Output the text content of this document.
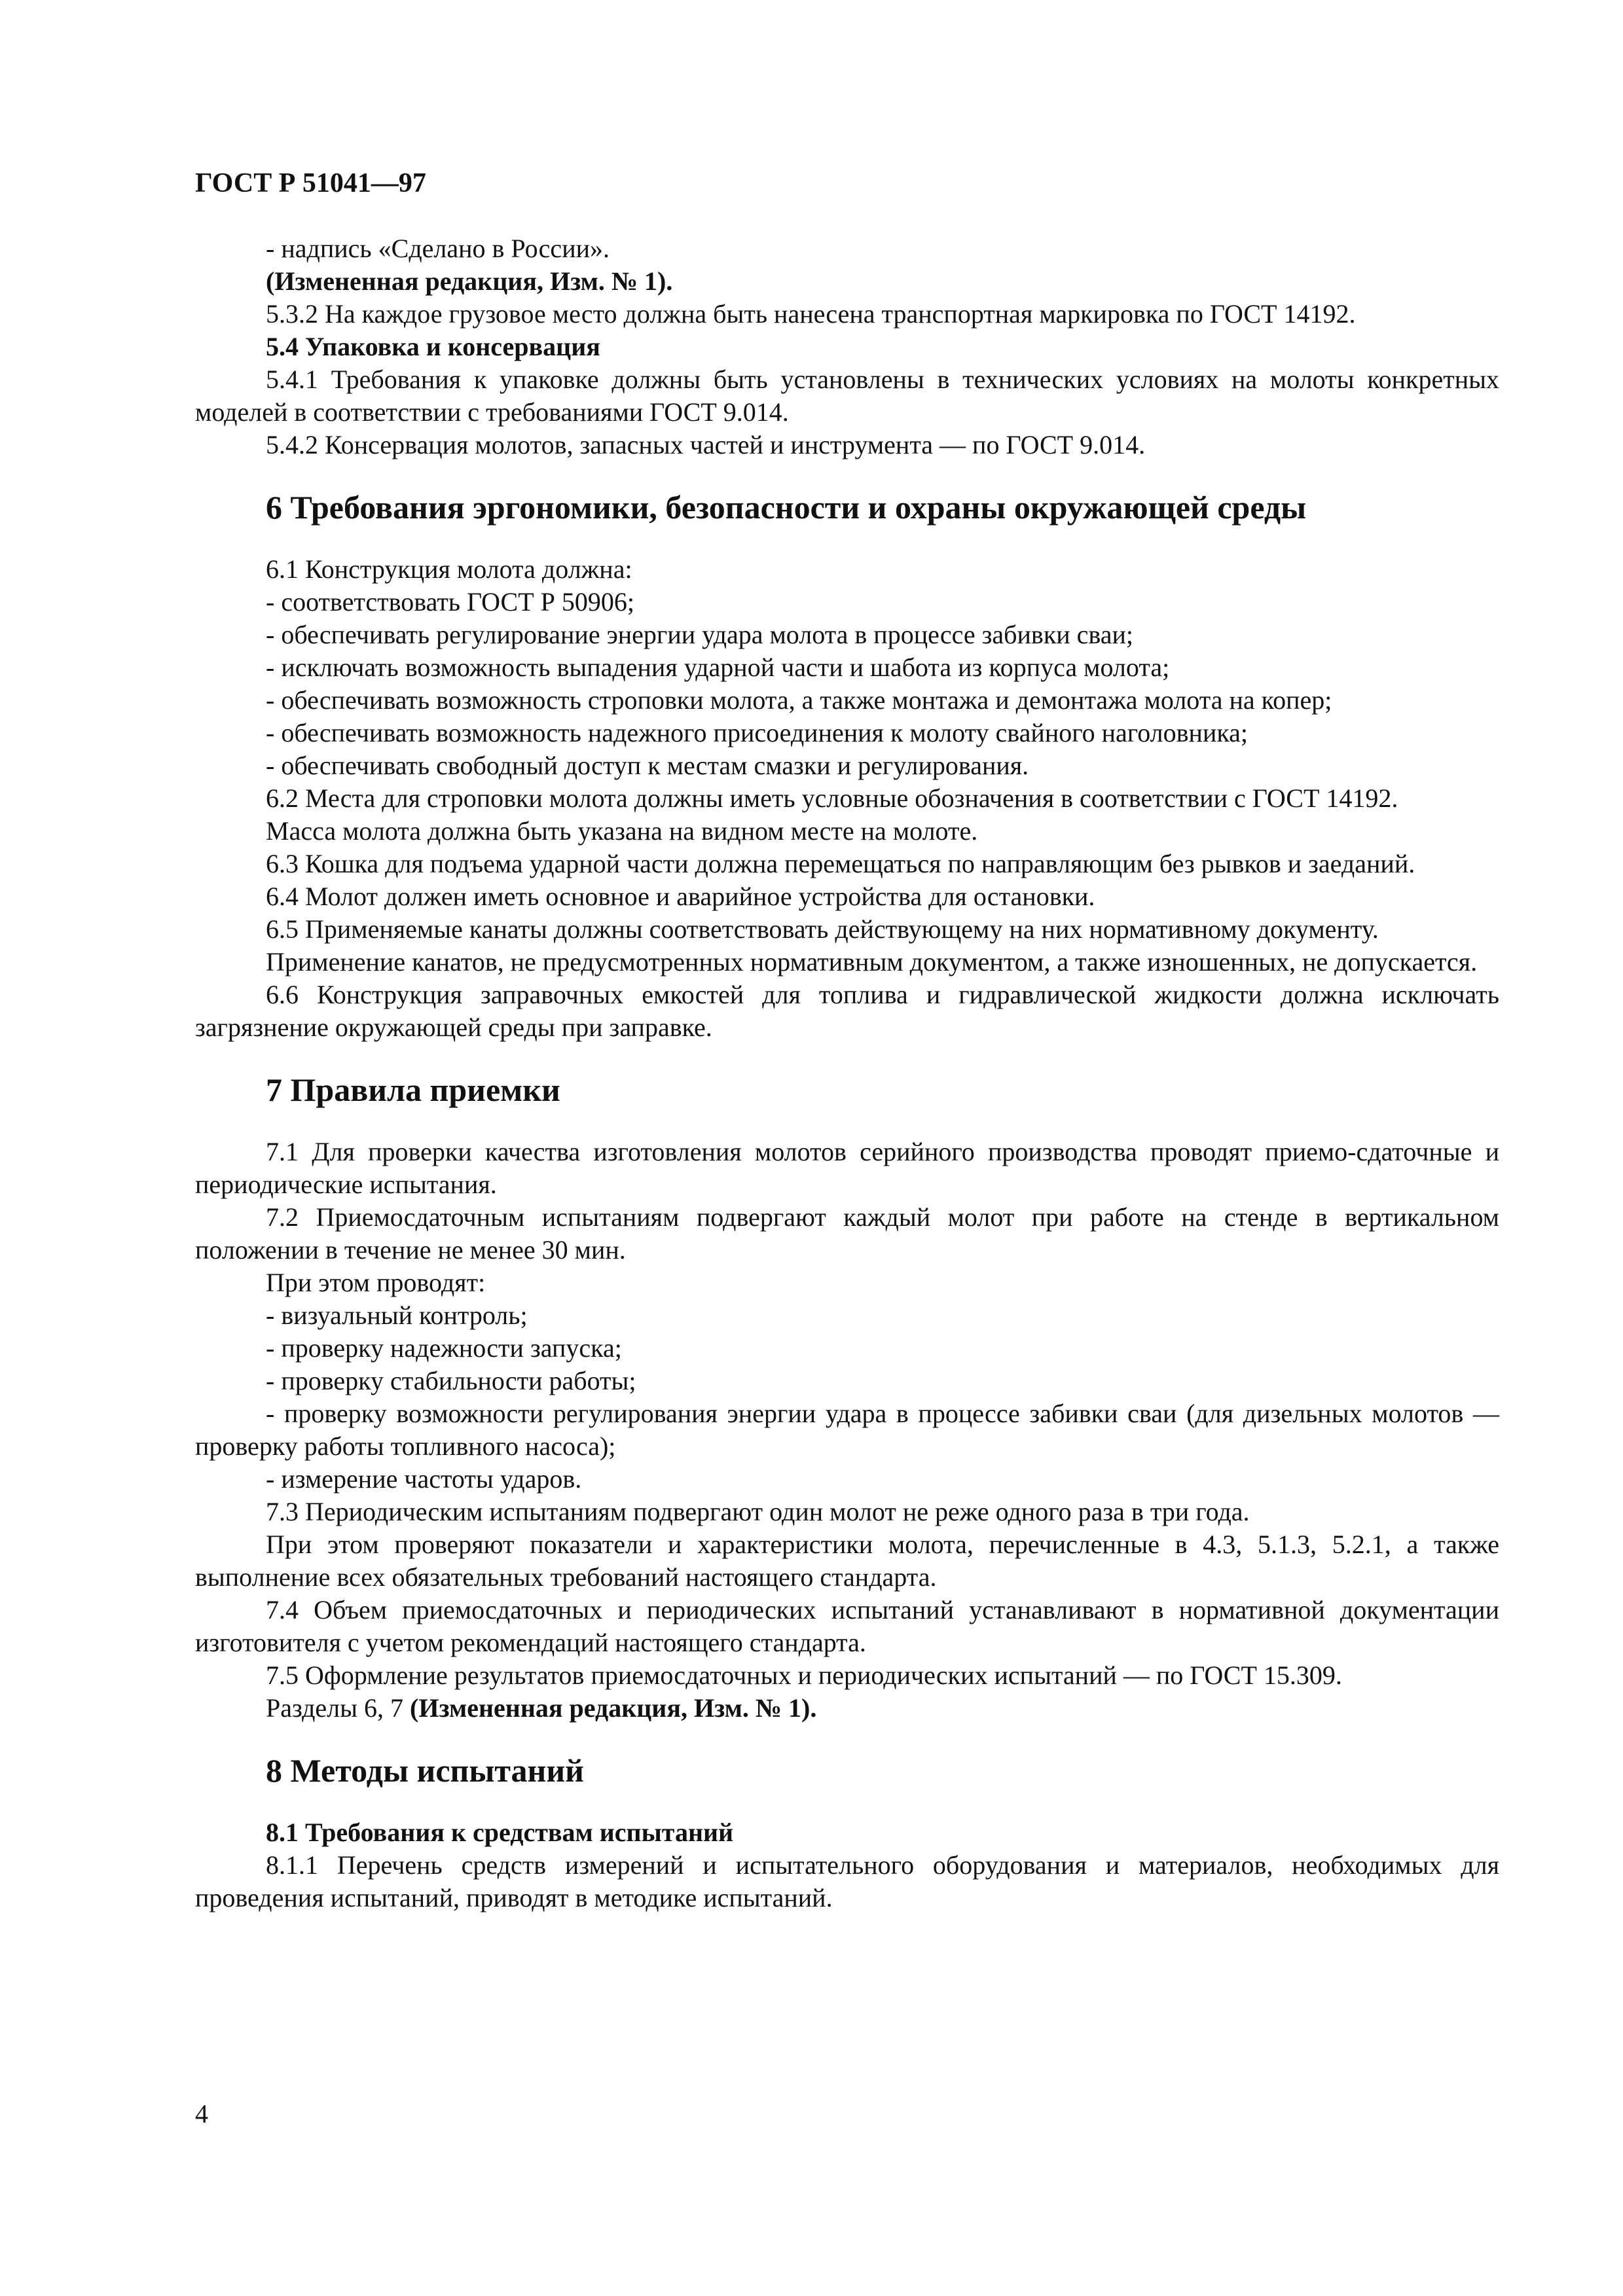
ГОСТ Р 51041—97

- надпись «Сделано в России».

(Измененная редакция, Изм. № 1).

5.3.2 На каждое грузовое место должна быть нанесена транспортная маркировка по ГОСТ 14192.

5.4 Упаковка и консервация

5.4.1 Требования к упаковке должны быть установлены в технических условиях на молоты конкретных моделей в соответствии с требованиями ГОСТ 9.014.

5.4.2 Консервация молотов, запасных частей и инструмента — по ГОСТ 9.014.

6 Требования эргономики, безопасности и охраны окружающей среды

6.1 Конструкция молота должна:

- соответствовать ГОСТ Р 50906;

- обеспечивать регулирование энергии удара молота в процессе забивки сваи;

- исключать возможность выпадения ударной части и шабота из корпуса молота;

- обеспечивать возможность строповки молота, а также монтажа и демонтажа молота на копер;

- обеспечивать возможность надежного присоединения к молоту свайного наголовника;

- обеспечивать свободный доступ к местам смазки и регулирования.

6.2 Места для строповки молота должны иметь условные обозначения в соответствии с ГОСТ 14192.

Масса молота должна быть указана на видном месте на молоте.

6.3 Кошка для подъема ударной части должна перемещаться по направляющим без рывков и заеданий.

6.4 Молот должен иметь основное и аварийное устройства для остановки.

6.5 Применяемые канаты должны соответствовать действующему на них нормативному документу.

Применение канатов, не предусмотренных нормативным документом, а также изношенных, не допускается.

6.6 Конструкция заправочных емкостей для топлива и гидравлической жидкости должна исключать загрязнение окружающей среды при заправке.

7 Правила приемки

7.1 Для проверки качества изготовления молотов серийного производства проводят приемо-сдаточные и периодические испытания.

7.2 Приемосдаточным испытаниям подвергают каждый молот при работе на стенде в вертикальном положении в течение не менее 30 мин.

При этом проводят:

- визуальный контроль;

- проверку надежности запуска;

- проверку стабильности работы;

- проверку возможности регулирования энергии удара в процессе забивки сваи (для дизельных молотов — проверку работы топливного насоса);

- измерение частоты ударов.

7.3 Периодическим испытаниям подвергают один молот не реже одного раза в три года.

При этом проверяют показатели и характеристики молота, перечисленные в 4.3, 5.1.3, 5.2.1, а также выполнение всех обязательных требований настоящего стандарта.

7.4 Объем приемосдаточных и периодических испытаний устанавливают в нормативной документации изготовителя с учетом рекомендаций настоящего стандарта.

7.5 Оформление результатов приемосдаточных и периодических испытаний — по ГОСТ 15.309.

Разделы 6, 7 (Измененная редакция, Изм. № 1).

8 Методы испытаний

8.1 Требования к средствам испытаний

8.1.1 Перечень средств измерений и испытательного оборудования и материалов, необходимых для проведения испытаний, приводят в методике испытаний.

4
